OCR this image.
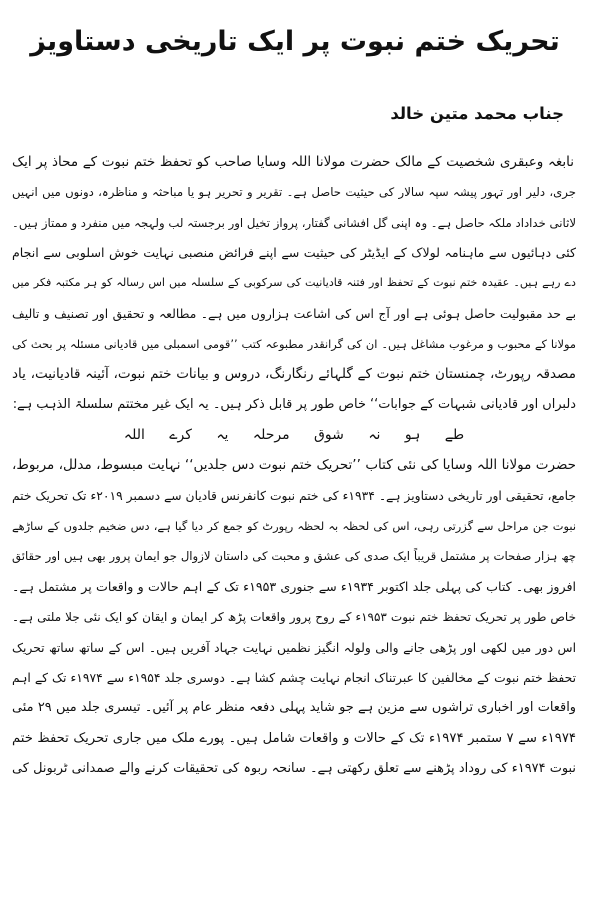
تحریک ختم نبوت پر ایک تاریخی دستاویز
جناب محمد متین خالد
نابغہ وعبقری شخصیت کے مالک حضرت مولانا اللہ وسایا صاحب کو تحفظ ختم نبوت کے محاذ پر ایک
جری، دلیر اور تہور پیشہ سپہ سالار کی حیثیت حاصل ہے۔ تقریر و تحریر ہو یا مباحثہ و مناظرہ، دونوں میں انہیں
لاثانی خداداد ملکہ حاصل ہے۔ وہ اپنی گل افشانی گفتار، پرواز تخیل اور برجستہ لب ولہجہ میں منفرد و ممتاز ہیں۔
کئی دہائیوں سے ماہنامہ لولاک کے ایڈیٹر کی حیثیت سے اپنے فرائض منصبی نہایت خوش اسلوبی سے انجام
دے رہے ہیں۔ عقیدہ ختم نبوت کے تحفظ اور فتنہ قادیانیت کی سرکوبی کے سلسلہ میں اس رسالہ کو ہر مکتبہ فکر میں
بے حد مقبولیت حاصل ہوئی ہے اور آج اس کی اشاعت ہزاروں میں ہے۔ مطالعہ و تحقیق اور تصنیف و تالیف
مولانا کے محبوب و مرغوب مشاغل ہیں۔ ان کی گرانقدر مطبوعہ کتب ’’قومی اسمبلی میں قادیانی مسئلہ پر بحث کی
مصدقہ رپورٹ، چمنستان ختم نبوت کے گلہائے رنگارنگ، دروس و بیانات ختم نبوت، آئینہ قادیانیت، یاد
دلبراں اور قادیانی شبہات کے جوابات‘‘ خاص طور پر قابل ذکر ہیں۔ یہ ایک غیر مختتم سلسلۃ الذہب ہے:
طے ہو نہ شوق مرحلہ یہ کرے اللہ
حضرت مولانا اللہ وسایا کی نئی کتاب ’’تحریک ختم نبوت دس جلدیں‘‘ نہایت مبسوط، مدلل، مربوط،
جامع، تحقیقی اور تاریخی دستاویز ہے۔ ۱۹۳۴ء کی ختم نبوت کانفرنس قادیان سے دسمبر ۲۰۱۹ء تک تحریک ختم
نبوت جن مراحل سے گزرتی رہی، اس کی لحظہ بہ لحظہ رپورٹ کو جمع کر دیا گیا ہے، دس ضخیم جلدوں کے ساڑھے
چھ ہزار صفحات پر مشتمل قریباً ایک صدی کی عشق و محبت کی داستان لازوال جو ایمان پرور بھی ہیں اور حقائق
افروز بھی۔ کتاب کی پہلی جلد اکتوبر ۱۹۳۴ء سے جنوری ۱۹۵۳ء تک کے اہم حالات و واقعات پر مشتمل ہے۔
خاص طور پر تحریک تحفظ ختم نبوت ۱۹۵۳ء کے روح پرور واقعات پڑھ کر ایمان و ایقان کو ایک نئی جلا ملتی ہے۔
اس دور میں لکھی اور پڑھی جانے والی ولولہ انگیز نظمیں نہایت جہاد آفریں ہیں۔ اس کے ساتھ ساتھ تحریک
تحفظ ختم نبوت کے مخالفین کا عبرتناک انجام نہایت چشم کشا ہے۔ دوسری جلد ۱۹۵۴ء سے ۱۹۷۴ء تک کے اہم
واقعات اور اخباری تراشوں سے مزین ہے جو شاید پہلی دفعہ منظر عام پر آئیں۔ تیسری جلد میں ۲۹ مئی
۱۹۷۴ء سے ۷ ستمبر ۱۹۷۴ء تک کے حالات و واقعات شامل ہیں۔ پورے ملک میں جاری تحریک تحفظ ختم
نبوت ۱۹۷۴ء کی روداد پڑھنے سے تعلق رکھتی ہے۔ سانحہ ربوہ کی تحقیقات کرنے والے صمدانی ٹربونل کی
